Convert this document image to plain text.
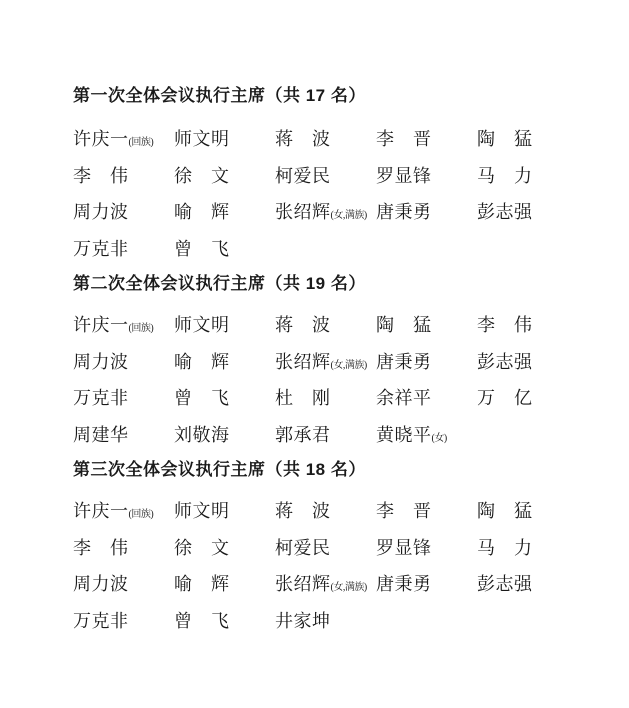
第一次全体会议执行主席（共 17 名）
许庆一(回族)	师文明	蒋　波	李　晋	陶　猛
李　伟	徐　文	柯爱民	罗显锋	马　力
周力波	喻　辉	张绍辉(女,满族) 唐秉勇	彭志强
万克非	曾　飞
第二次全体会议执行主席（共 19 名）
许庆一(回族)	师文明	蒋　波	陶　猛	李　伟
周力波	喻　辉	张绍辉(女,满族) 唐秉勇	彭志强
万克非	曾　飞	杜　刚	余祥平	万　亿
周建华	刘敬海	郭承君	黄晓平(女)
第三次全体会议执行主席（共 18 名）
许庆一(回族)	师文明	蒋　波	李　晋	陶　猛
李　伟	徐　文	柯爱民	罗显锋	马　力
周力波	喻　辉	张绍辉(女,满族) 唐秉勇	彭志强
万克非	曾　飞	井家坤
